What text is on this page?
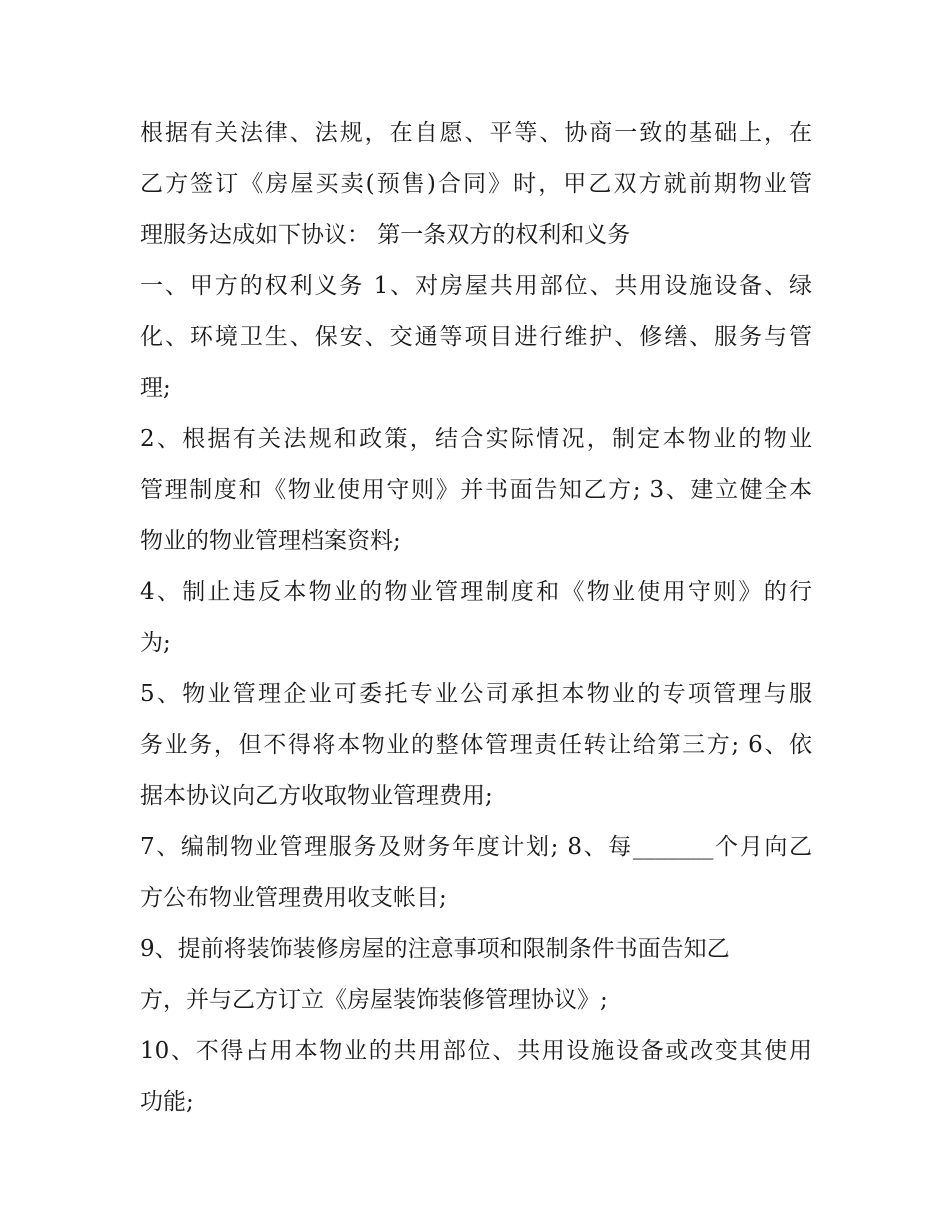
根据有关法律、法规，在自愿、平等、协商一致的基础上，在
乙方签订《房屋买卖(预售)合同》时，甲乙双方就前期物业管
理服务达成如下协议： 第一条双方的权利和义务
一、甲方的权利义务 1、对房屋共用部位、共用设施设备、绿
化、环境卫生、保安、交通等项目进行维护、修缮、服务与管
理;
2、根据有关法规和政策，结合实际情况，制定本物业的物业
管理制度和《物业使用守则》并书面告知乙方; 3、建立健全本
物业的物业管理档案资料;
4、制止违反本物业的物业管理制度和《物业使用守则》的行
为;
5、物业管理企业可委托专业公司承担本物业的专项管理与服
务业务，但不得将本物业的整体管理责任转让给第三方; 6、依
据本协议向乙方收取物业管理费用;
7、编制物业管理服务及财务年度计划; 8、每_______个月向乙
方公布物业管理费用收支帐目;
9、提前将装饰装修房屋的注意事项和限制条件书面告知乙
方，并与乙方订立《房屋装饰装修管理协议》;
10、不得占用本物业的共用部位、共用设施设备或改变其使用
功能;
